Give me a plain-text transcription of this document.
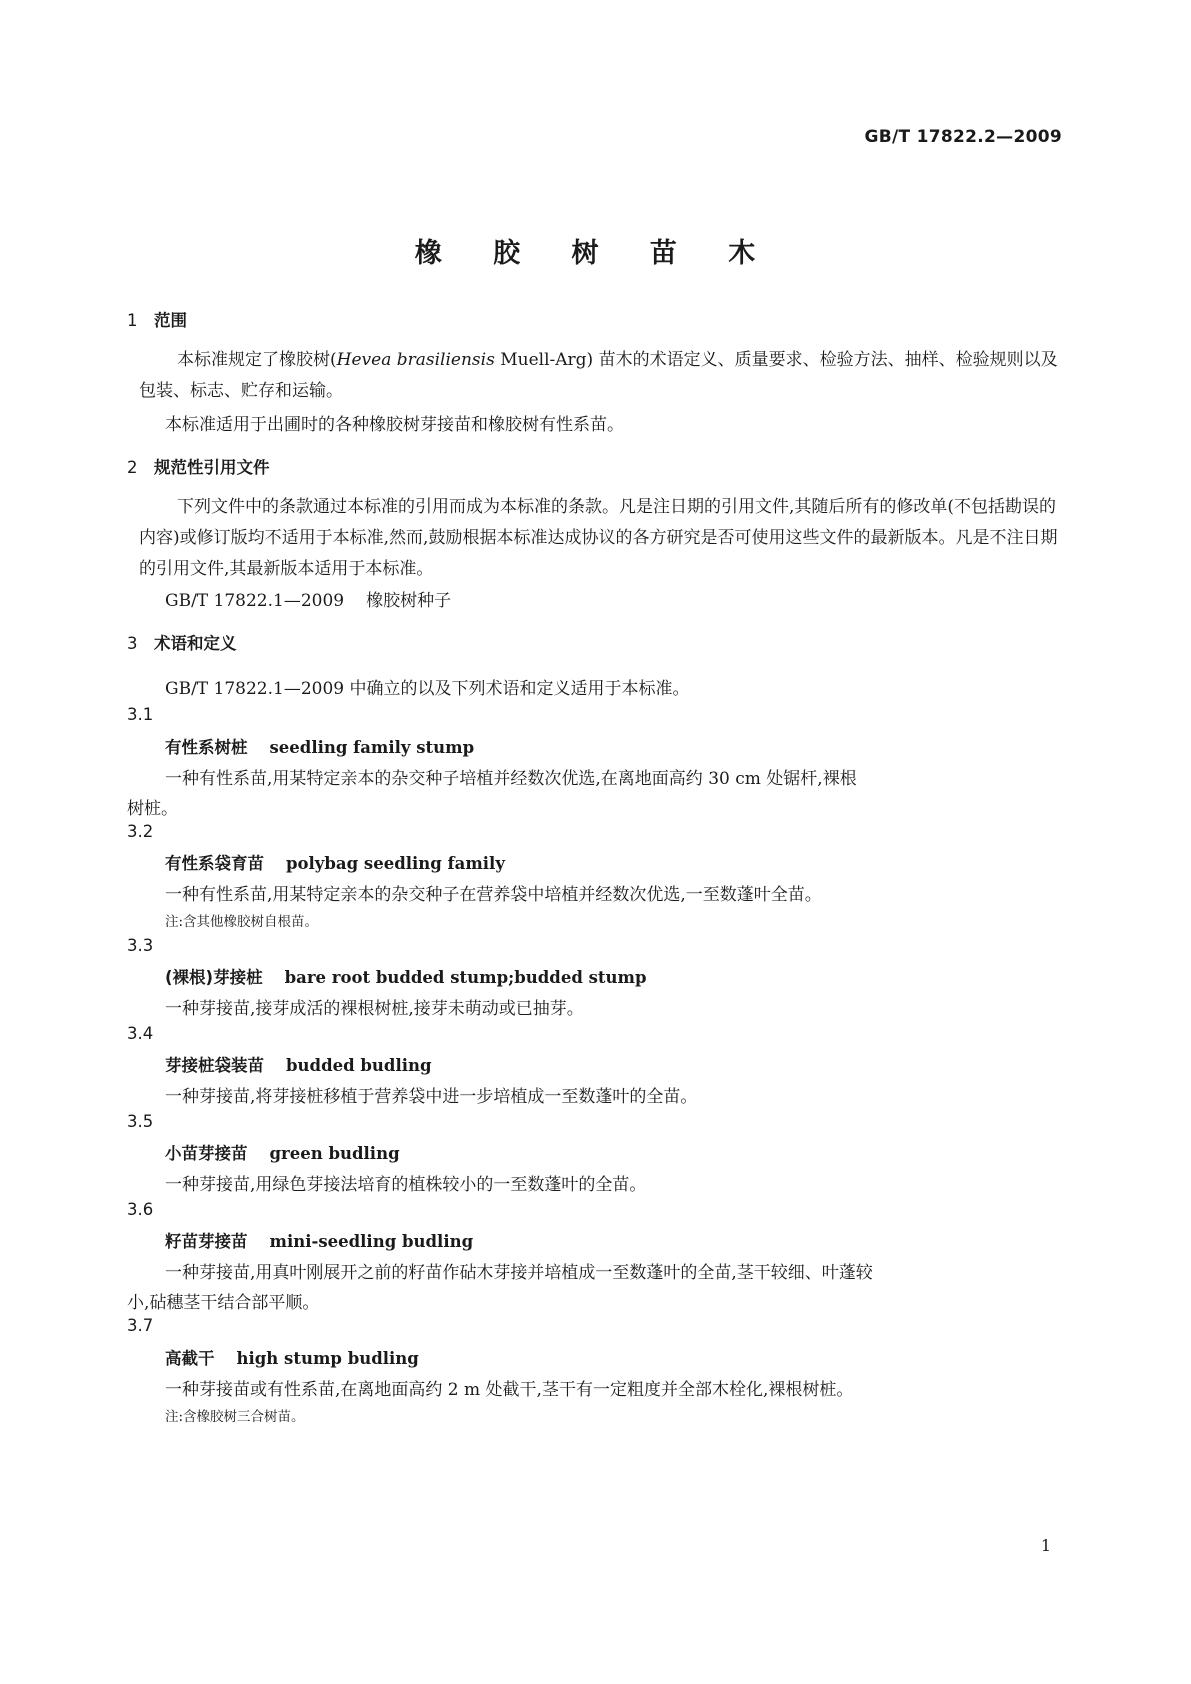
GB/T 17822.2—2009
橡 胶 树 苗 木
1 范围
本标准规定了橡胶树(Hevea brasiliensis Muell-Arg) 苗木的术语定义、质量要求、检验方法、抽样、检验规则以及包装、标志、贮存和运输。
本标准适用于出圃时的各种橡胶树芽接苗和橡胶树有性系苗。
2 规范性引用文件
下列文件中的条款通过本标准的引用而成为本标准的条款。凡是注日期的引用文件,其随后所有的修改单(不包括勘误的内容)或修订版均不适用于本标准,然而,鼓励根据本标准达成协议的各方研究是否可使用这些文件的最新版本。凡是不注日期的引用文件,其最新版本适用于本标准。
GB/T 17822.1—2009 橡胶树种子
3 术语和定义
GB/T 17822.1—2009 中确立的以及下列术语和定义适用于本标准。
3.1
有性系树桩 seedling family stump
一种有性系苗,用某特定亲本的杂交种子培植并经数次优选,在离地面高约 30 cm 处锯杆,裸根
树桩。
3.2
有性系袋育苗 polybag seedling family
一种有性系苗,用某特定亲本的杂交种子在营养袋中培植并经数次优选,一至数蓬叶全苗。
注:含其他橡胶树自根苗。
3.3
(裸根)芽接桩 bare root budded stump;budded stump
一种芽接苗,接芽成活的裸根树桩,接芽未萌动或已抽芽。
3.4
芽接桩袋装苗 budded budling
一种芽接苗,将芽接桩移植于营养袋中进一步培植成一至数蓬叶的全苗。
3.5
小苗芽接苗 green budling
一种芽接苗,用绿色芽接法培育的植株较小的一至数蓬叶的全苗。
3.6
籽苗芽接苗 mini-seedling budling
一种芽接苗,用真叶刚展开之前的籽苗作砧木芽接并培植成一至数蓬叶的全苗,茎干较细、叶蓬较
小,砧穗茎干结合部平顺。
3.7
高截干 high stump budling
一种芽接苗或有性系苗,在离地面高约 2 m 处截干,茎干有一定粗度并全部木栓化,裸根树桩。
注:含橡胶树三合树苗。
1
